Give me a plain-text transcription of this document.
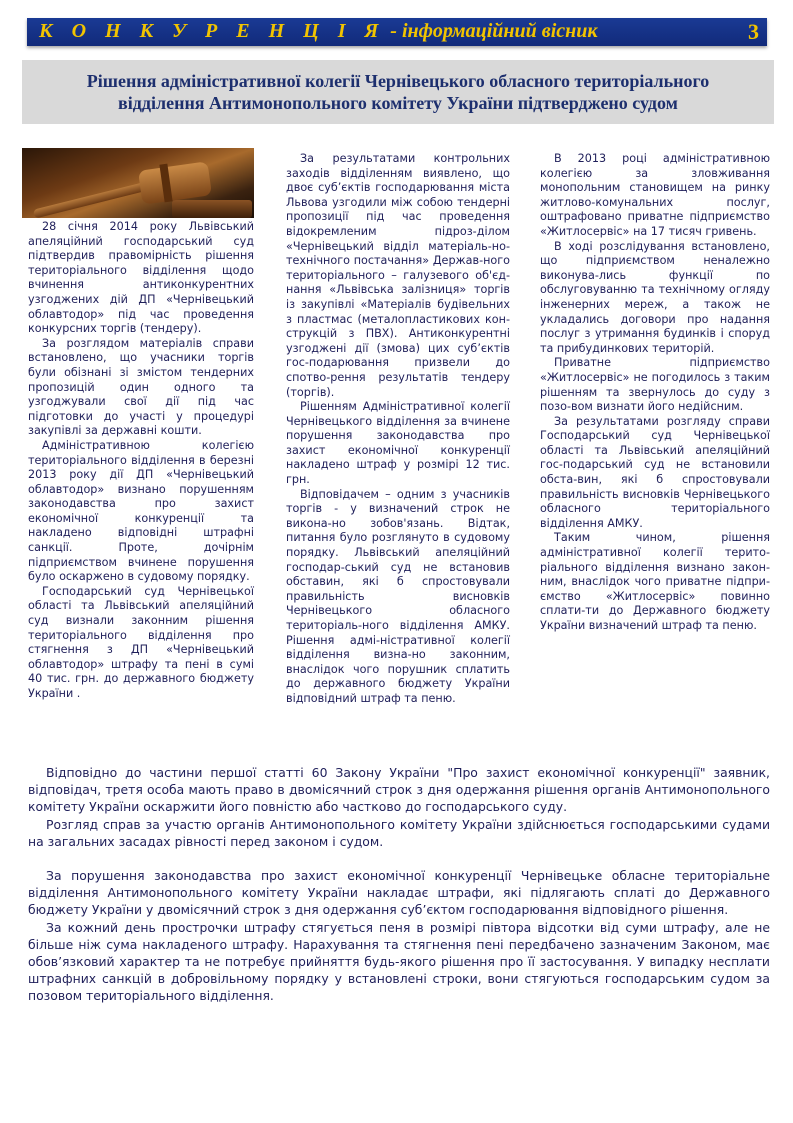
К О Н К У Р Е Н Ц І Я - інформаційний вісник	3
Рішення адміністративної колегії Чернівецького обласного територіального відділення Антимонопольного комітету України підтверджено судом

28 січня 2014 року Львівський апеляційний господарський суд підтвердив правомірність рішення територіального відділення щодо вчинення антиконкурентних узгоджених дій ДП «Чернівецький облавтодор» під час проведення конкурсних торгів (тендеру).

За розглядом матеріалів справи встановлено, що учасники торгів були обізнані зі змістом тендерних пропозицій один одного та узгоджували свої дії під час підготовки до участі у процедурі закупівлі за державні кошти.

Адміністративною колегією територіального відділення в березні 2013 року дії ДП «Чернівецький облавтодор» визнано порушенням законодавства про захист економічної конкуренції та накладено відповідні штрафні санкції. Проте, дочірнім підприємством вчинене порушення було оскаржено в судовому порядку.

Господарський суд Чернівецької області та Львівський апеляційний суд визнали законним рішення територіального відділення про стягнення з ДП «Чернівецький облавтодор» штрафу та пені в сумі 40 тис. грн. до державного бюджету України .

За результатами контрольних заходів відділенням виявлено, що двоє суб’єктів господарювання міста Львова узгодили між собою тендерні пропозиції під час проведення відокремленим підроз-ділом «Чернівецький відділ матеріаль-но-технічного постачання» Держав-ного територіального – галузевого об'єд-нання «Львівська залізниця» торгів із закупівлі «Матеріалів будівельних з пластмас (металопластикових кон-струкцій з ПВХ). Антиконкурентні узгоджені дії (змова) цих суб’єктів гос-подарювання призвели до спотво-рення результатів тендеру (торгів).

Рішенням Адміністративної колегії Чернівецького відділення за вчинене порушення законодавства про захист економічної конкуренції накладено штраф у розмірі 12 тис. грн.

Відповідачем – одним з учасників торгів - у визначений строк не викона-но зобов'язань. Відтак, питання було розглянуто в судовому порядку. Львівський апеляційний господар-ський суд не встановив обставин, які б спростовували правильність висновків Чернівецького обласного територіаль-ного відділення АМКУ. Рішення адмі-ністративної колегії відділення визна-но законним, внаслідок чого порушник сплатить до державного бюджету України відповідний штраф та пеню.

В 2013 році адміністративною колегією за зловживання монопольним становищем на ринку житлово-комунальних послуг, оштрафовано приватне підприємство «Житлосервіс» на 17 тисяч гривень.

В ході розслідування встановлено, що підприємством неналежно виконува-лись функції по обслуговуванню та технічному огляду інженерних мереж, а також не укладались договори про надання послуг з утримання будинків і споруд та прибудинкових територій.

Приватне підприємство «Житлосервіс» не погодилось з таким рішенням та звернулось до суду з позо-вом визнати його недійсним.

За результатами розгляду справи Господарський суд Чернівецької області та Львівський апеляційний гос-подарський суд не встановили обста-вин, які б спростовували правильність висновків Чернівецького обласного територіального відділення АМКУ.

Таким чином, рішення адміністративної колегії терито-ріального відділення визнано закон-ним, внаслідок чого приватне підпри-ємство «Житлосервіс» повинно сплати-ти до Державного бюджету України визначений штраф та пеню.

Відповідно до частини першої статті 60 Закону України "Про захист економічної конкуренції" заявник, відповідач, третя особа мають право в двомісячний строк з дня одержання рішення органів Антимонопольного комітету України оскаржити його повністю або частково до господарського суду.

Розгляд справ за участю органів Антимонопольного комітету України здійснюється господарськими судами на загальних засадах рівності перед законом і судом.

За порушення законодавства про захист економічної конкуренції Чернівецьке обласне територіальне відділення Антимонопольного комітету України накладає штрафи, які підлягають сплаті до Державного бюджету України у двомісячний строк з дня одержання суб’єктом господарювання відповідного рішення.

За кожний день прострочки штрафу стягується пеня в розмірі півтора відсотки від суми штрафу, але не більше ніж сума накладеного штрафу. Нарахування та стягнення пені передбачено зазначеним Законом, має обов’язковий характер та не потребує прийняття будь-якого рішення про її застосування. У випадку несплати штрафних санкцій в добровільному порядку у встановлені строки, вони стягуються господарським судом за позовом територіального відділення.
